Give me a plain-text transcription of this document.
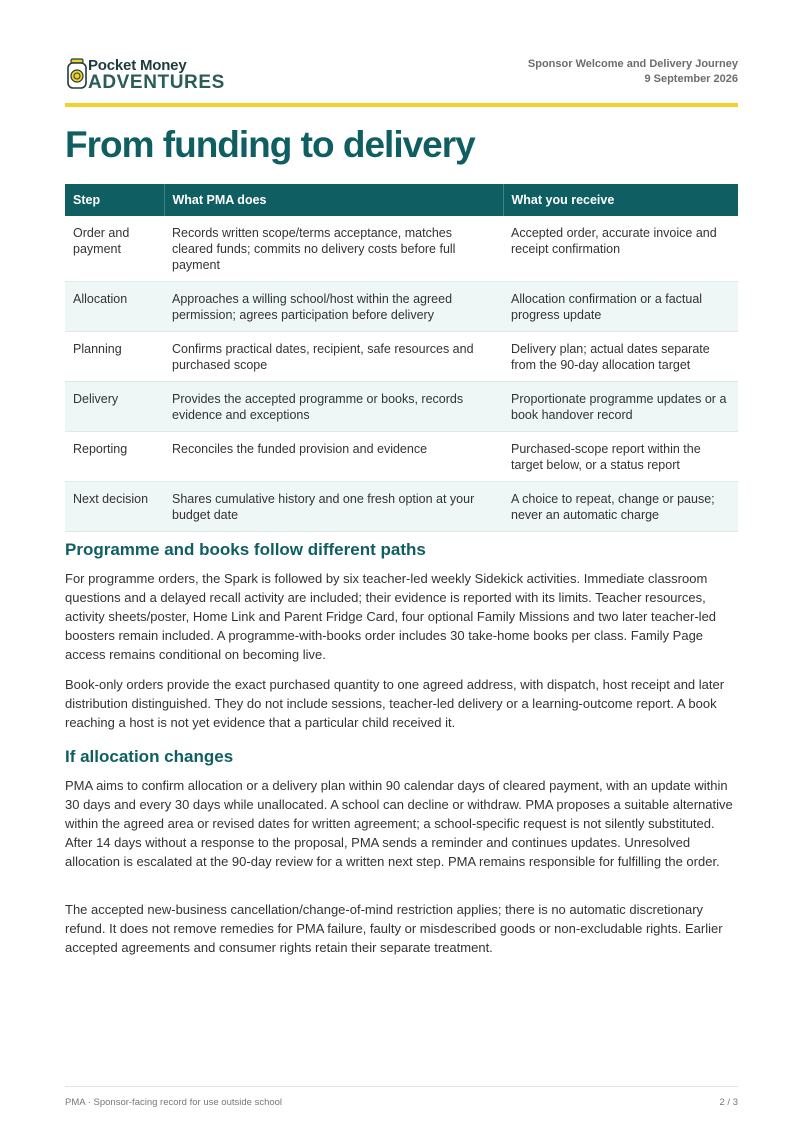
Pocket Money
ADVENTURES
Sponsor Welcome and Delivery Journey
9 September 2026
From funding to delivery
Step	What PMA does	What you receive
Order and payment	Records written scope/terms acceptance, matches cleared funds; commits no delivery costs before full payment	Accepted order, accurate invoice and receipt confirmation
Allocation	Approaches a willing school/host within the agreed permission; agrees participation before delivery	Allocation confirmation or a factual progress update
Planning	Confirms practical dates, recipient, safe resources and purchased scope	Delivery plan; actual dates separate from the 90-day allocation target
Delivery	Provides the accepted programme or books, records evidence and exceptions	Proportionate programme updates or a book handover record
Reporting	Reconciles the funded provision and evidence	Purchased-scope report within the target below, or a status report
Next decision	Shares cumulative history and one fresh option at your budget date	A choice to repeat, change or pause; never an automatic charge
Programme and books follow different paths

For programme orders, the Spark is followed by six teacher-led weekly Sidekick activities. Immediate classroom questions and a delayed recall activity are included; their evidence is reported with its limits. Teacher resources, activity sheets/poster, Home Link and Parent Fridge Card, four optional Family Missions and two later teacher-led boosters remain included. A programme-with-books order includes 30 take-home books per class. Family Page access remains conditional on becoming live.

Book-only orders provide the exact purchased quantity to one agreed address, with dispatch, host receipt and later distribution distinguished. They do not include sessions, teacher-led delivery or a learning-outcome report. A book reaching a host is not yet evidence that a particular child received it.

If allocation changes

PMA aims to confirm allocation or a delivery plan within 90 calendar days of cleared payment, with an update within 30 days and every 30 days while unallocated. A school can decline or withdraw. PMA proposes a suitable alternative within the agreed area or revised dates for written agreement; a school-specific request is not silently substituted. After 14 days without a response to the proposal, PMA sends a reminder and continues updates. Unresolved allocation is escalated at the 90-day review for a written next step. PMA remains responsible for fulfilling the order.

The accepted new-business cancellation/change-of-mind restriction applies; there is no automatic discretionary refund. It does not remove remedies for PMA failure, faulty or misdescribed goods or non-excludable rights. Earlier accepted agreements and consumer rights retain their separate treatment.

PMA · Sponsor-facing record for use outside school	2 / 3
